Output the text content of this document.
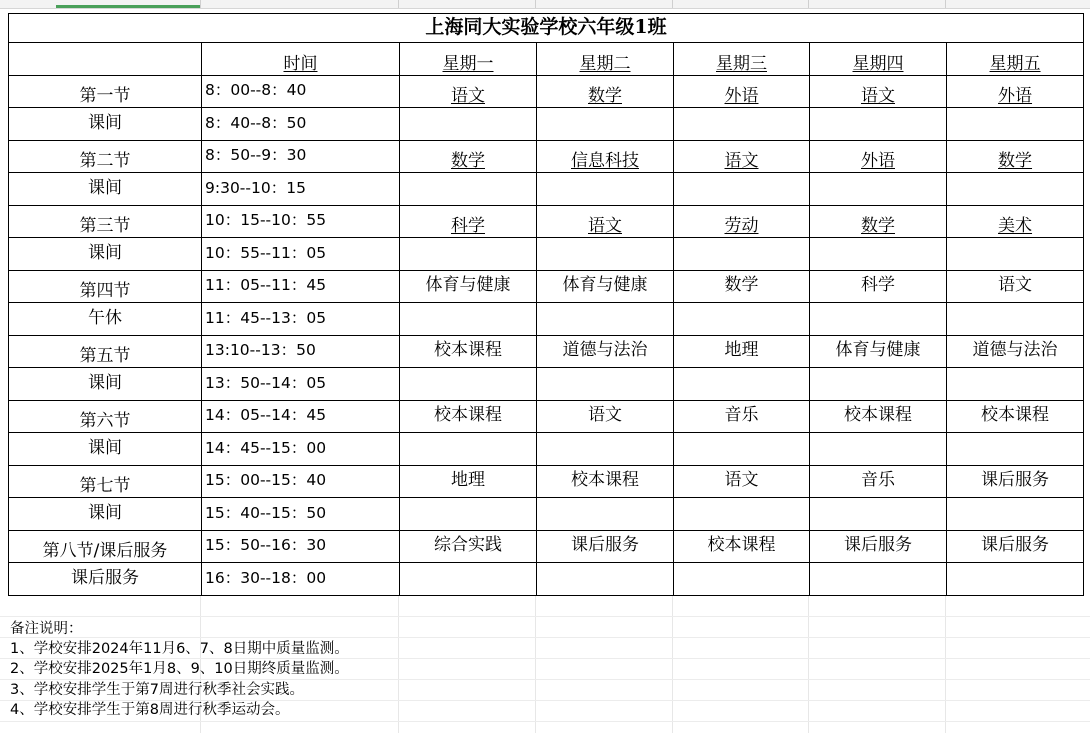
上海同大实验学校六年级1班						
	时间	星期一	星期二	星期三	星期四	星期五
第一节	8：00--8：40	语文	数学	外语	语文	外语
课间	8：40--8：50					
第二节	8：50--9：30	数学	信息科技	语文	外语	数学
课间	9:30--10：15					
第三节	10：15--10：55	科学	语文	劳动	数学	美术
课间	10：55--11：05					
第四节	11：05--11：45	体育与健康	体育与健康	数学	科学	语文
午休	11：45--13：05					
第五节	13:10--13：50	校本课程	道德与法治	地理	体育与健康	道德与法治
课间	13：50--14：05					
第六节	14：05--14：45	校本课程	语文	音乐	校本课程	校本课程
课间	14：45--15：00					
第七节	15：00--15：40	地理	校本课程	语文	音乐	课后服务
课间	15：40--15：50					
第八节/课后服务	15：50--16：30	综合实践	课后服务	校本课程	课后服务	课后服务
课后服务	16：30--18：00					
备注说明：
1、学校安排2024年11月6、7、8日期中质量监测。
2、学校安排2025年1月8、9、10日期终质量监测。
3、学校安排学生于第7周进行秋季社会实践。
4、学校安排学生于第8周进行秋季运动会。
